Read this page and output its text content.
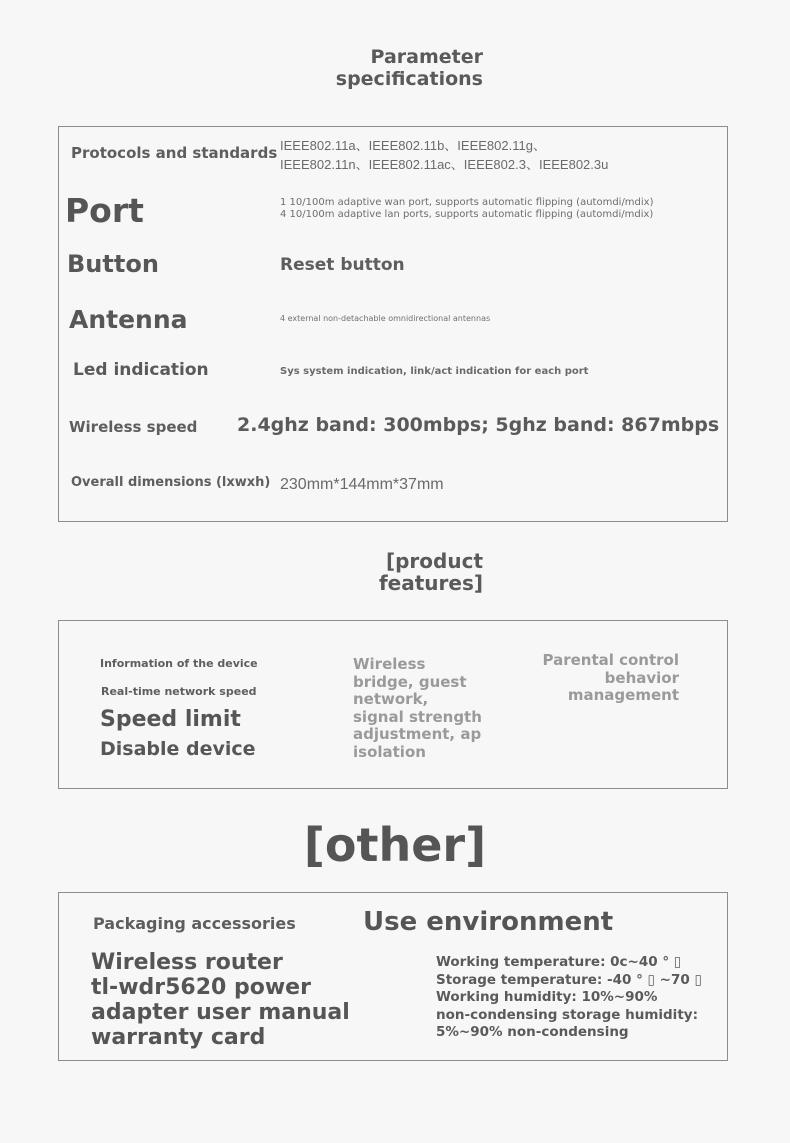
Parameter
specifications
Protocols and standards IEEE802.11a、IEEE802.11b、IEEE802.11g、
IEEE802.11n、IEEE802.11ac、IEEE802.3、IEEE802.3u
Port	1 10/100m adaptive wan port, supports automatic flipping (automdi/mdix)
4 10/100m adaptive lan ports, supports automatic flipping (automdi/mdix)
Button	Reset button
Antenna	4 external non-detachable omnidirectional antennas
Led indication	Sys system indication, link/act indication for each port
Wireless speed 2.4ghz band: 300mbps; 5ghz band: 867mbps
Overall dimensions (lxwxh) 230mm*144mm*37mm
[product
features]
Information of the device
Real-time network speed
Speed limit
Disable device
Wireless
bridge, guest
network,
signal strength
adjustment, ap
isolation
Parental control
behavior
management
[other]
Packaging accessories
Wireless router
tl-wdr5620 power
adapter user manual
warranty card
Use environment
Working temperature: 0c~40 ° ▯
Storage temperature: -40 ° ▯ ~70 ▯
Working humidity: 10%~90%
non-condensing storage humidity:
5%~90% non-condensing
